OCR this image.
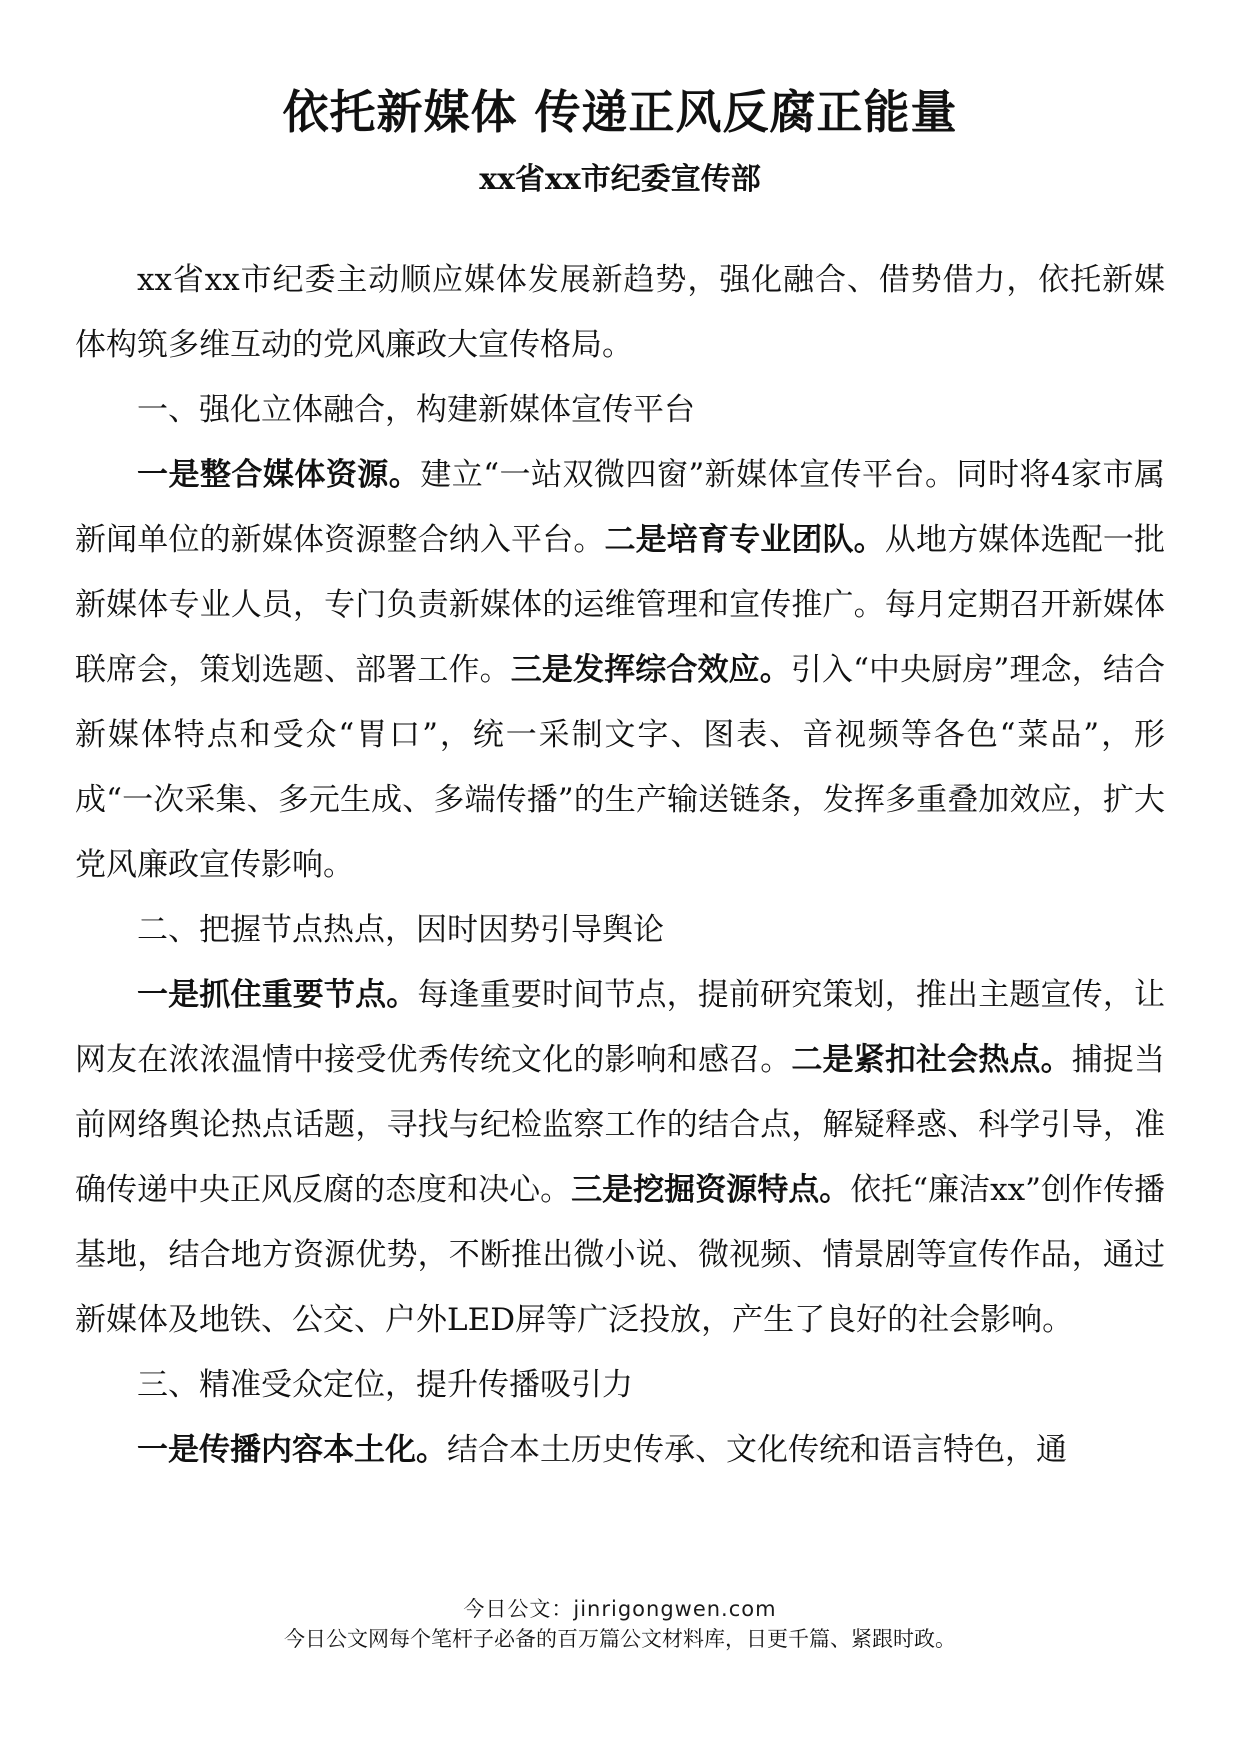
依托新媒体 传递正风反腐正能量
xx省xx市纪委宣传部

xx省xx市纪委主动顺应媒体发展新趋势，强化融合、借势借力，依托新媒体构筑多维互动的党风廉政大宣传格局。

一、强化立体融合，构建新媒体宣传平台

一是整合媒体资源。建立“一站双微四窗”新媒体宣传平台。同时将4家市属新闻单位的新媒体资源整合纳入平台。二是培育专业团队。从地方媒体选配一批新媒体专业人员，专门负责新媒体的运维管理和宣传推广。每月定期召开新媒体联席会，策划选题、部署工作。三是发挥综合效应。引入“中央厨房”理念，结合新媒体特点和受众“胃口”，统一采制文字、图表、音视频等各色“菜品”，形成“一次采集、多元生成、多端传播”的生产输送链条，发挥多重叠加效应，扩大党风廉政宣传影响。

二、把握节点热点，因时因势引导舆论

一是抓住重要节点。每逢重要时间节点，提前研究策划，推出主题宣传，让网友在浓浓温情中接受优秀传统文化的影响和感召。二是紧扣社会热点。捕捉当前网络舆论热点话题，寻找与纪检监察工作的结合点，解疑释惑、科学引导，准确传递中央正风反腐的态度和决心。三是挖掘资源特点。依托“廉洁xx”创作传播基地，结合地方资源优势，不断推出微小说、微视频、情景剧等宣传作品，通过新媒体及地铁、公交、户外LED屏等广泛投放，产生了良好的社会影响。

三、精准受众定位，提升传播吸引力

一是传播内容本土化。结合本土历史传承、文化传统和语言特色，通

今日公文：jinrigongwen.com
今日公文网每个笔杆子必备的百万篇公文材料库，日更千篇、紧跟时政。
